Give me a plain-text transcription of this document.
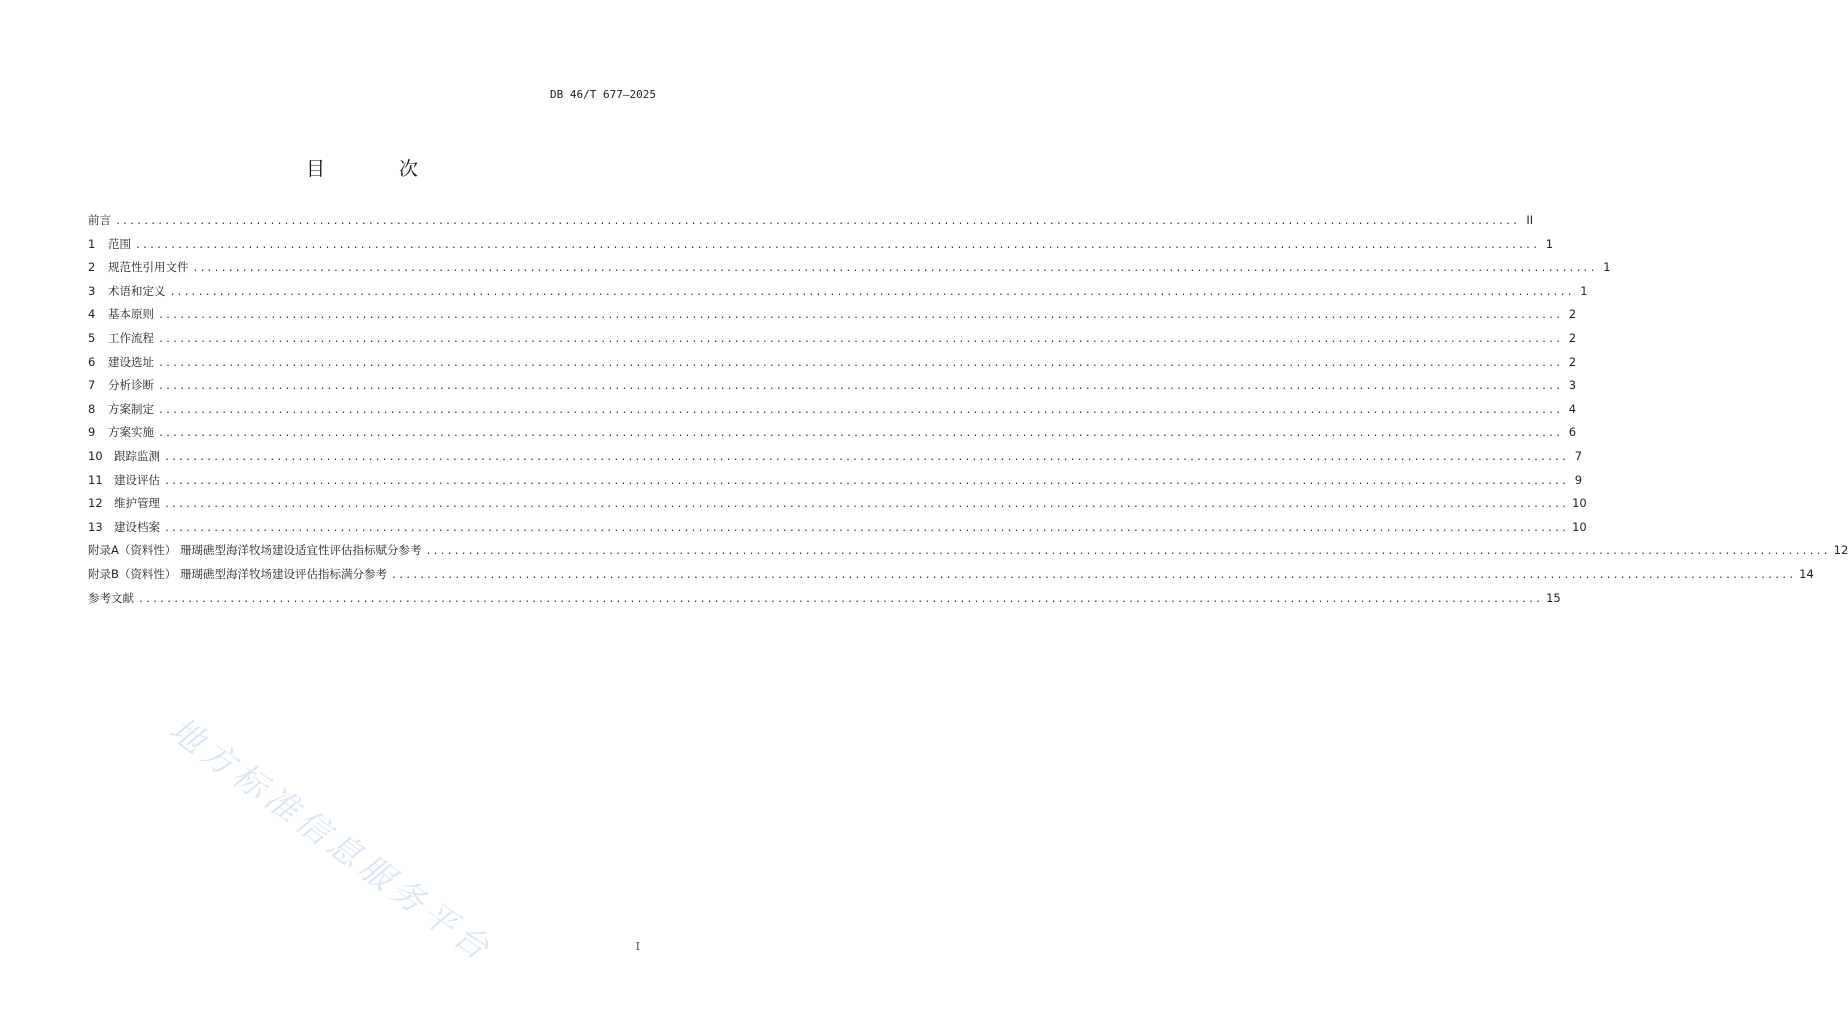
DB 46/T 677—2025
目 次
前言 ........................................................................................................................................................................................................ II
1	范围 ........................................................................................................................................................................................................ 1
2	规范性引用文件 ........................................................................................................................................................................................................ 1
3	术语和定义 ........................................................................................................................................................................................................ 1
4	基本原则 ........................................................................................................................................................................................................ 2
5	工作流程 ........................................................................................................................................................................................................ 2
6	建设选址 ........................................................................................................................................................................................................ 2
7	分析诊断 ........................................................................................................................................................................................................ 3
8	方案制定 ........................................................................................................................................................................................................ 4
9	方案实施 ........................................................................................................................................................................................................ 6
10 跟踪监测 ........................................................................................................................................................................................................ 7
11 建设评估 ........................................................................................................................................................................................................ 9
12 维护管理 ........................................................................................................................................................................................................ 10
13 建设档案 ........................................................................................................................................................................................................ 10
附录A（资料性） 珊瑚礁型海洋牧场建设适宜性评估指标赋分参考 ........................................................................................................................................................................................................ 12
附录B（资料性） 珊瑚礁型海洋牧场建设评估指标满分参考 ........................................................................................................................................................................................................ 14
参考文献 ........................................................................................................................................................................................................ 15
地方标准信息服务平台	I
